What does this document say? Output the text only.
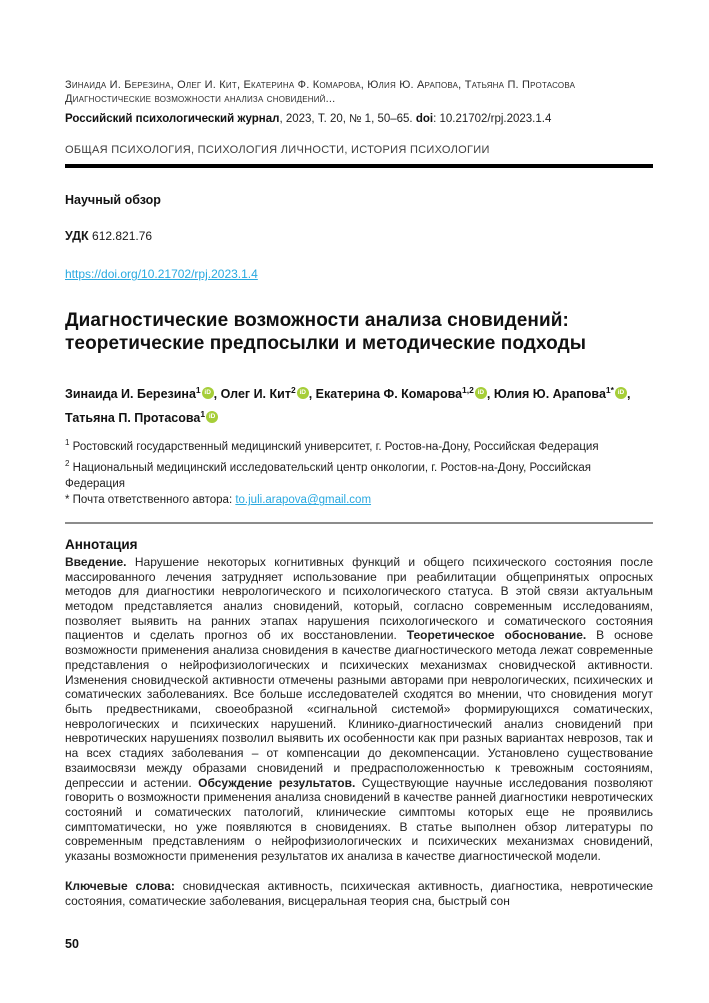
Зинаида И. Березина, Олег И. Кит, Екатерина Ф. Комарова, Юлия Ю. Арапова, Татьяна П. Протасова
Диагностические возможности анализа сновидений...
Российский психологический журнал, 2023, Т. 20, № 1, 50–65. doi: 10.21702/rpj.2023.1.4
ОБЩАЯ ПСИХОЛОГИЯ, ПСИХОЛОГИЯ ЛИЧНОСТИ, ИСТОРИЯ ПСИХОЛОГИИ
Научный обзор
УДК 612.821.76
https://doi.org/10.21702/rpj.2023.1.4
Диагностические возможности анализа сновидений: теоретические предпосылки и методические подходы
Зинаида И. Березина$^1$ iD , Олег И. Кит$^2$ iD , Екатерина Ф. Комарова$^{1,2}$ iD , Юлия Ю. Арапова$^{1*}$ iD , Татьяна П. Протасова$^1$ iD
$^1$ Ростовский государственный медицинский университет, г. Ростов-на-Дону, Российская Федерация
$^2$ Национальный медицинский исследовательский центр онкологии, г. Ростов-на-Дону, Российская Федерация
* Почта ответственного автора: to.juli.arapova@gmail.com
Аннотация
Введение. Нарушение некоторых когнитивных функций и общего психического состояния после массированного лечения затрудняет использование при реабилитации общепринятых опросных методов для диагностики неврологического и психологического статуса. В этой связи актуальным методом представляется анализ сновидений, который, согласно современным исследованиям, позволяет выявить на ранних этапах нарушения психологического и соматического состояния пациентов и сделать прогноз об их восстановлении. Теоретическое обоснование. В основе возможности применения анализа сновидения в качестве диагностического метода лежат современные представления о нейрофизиологических и психических механизмах сновидческой активности. Изменения сновидческой активности отмечены разными авторами при неврологических, психических и соматических заболеваниях. Все больше исследователей сходятся во мнении, что сновидения могут быть предвестниками, своеобразной «сигнальной системой» формирующихся соматических, неврологических и психических нарушений. Клинико-диагностический анализ сновидений при невротических нарушениях позволил выявить их особенности как при разных вариантах неврозов, так и на всех стадиях заболевания – от компенсации до декомпенсации. Установлено существование взаимосвязи между образами сновидений и предрасположенностью к тревожным состояниям, депрессии и астении. Обсуждение результатов. Существующие научные исследования позволяют говорить о возможности применения анализа сновидений в качестве ранней диагностики невротических состояний и соматических патологий, клинические симптомы которых еще не проявились симптоматически, но уже появляются в сновидениях. В статье выполнен обзор литературы по современным представлениям о нейрофизиологических и психических механизмах сновидений, указаны возможности применения результатов их анализа в качестве диагностической модели.
Ключевые слова: сновидческая активность, психическая активность, диагностика, невротические состояния, соматические заболевания, висцеральная теория сна, быстрый сон
50
